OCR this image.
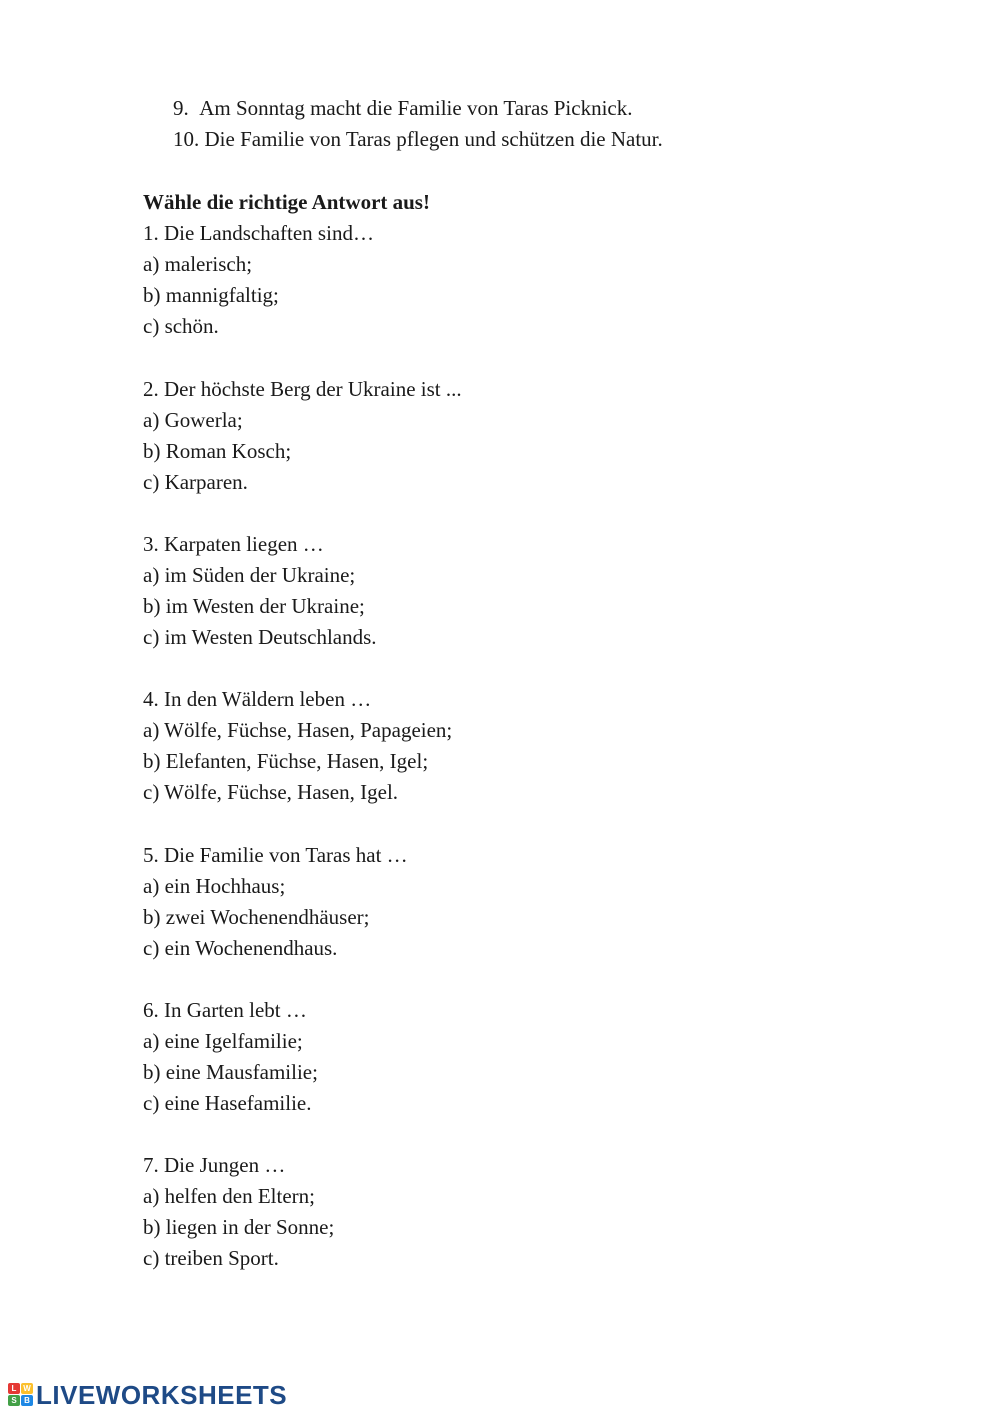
9. Am Sonntag macht die Familie von Taras Picknick.
10. Die Familie von Taras pflegen und schützen die Natur.
Wähle die richtige Antwort aus!
1. Die Landschaften sind…
a) malerisch;
b) mannigfaltig;
c) schön.
2. Der höchste Berg der Ukraine ist ...
a) Gowerla;
b) Roman Kosch;
c) Karparen.
3. Karpaten liegen …
a) im Süden der Ukraine;
b) im Westen der Ukraine;
c) im Westen Deutschlands.
4. In den Wäldern leben …
a) Wölfe, Füchse, Hasen, Papageien;
b) Elefanten, Füchse, Hasen, Igel;
c) Wölfe, Füchse, Hasen, Igel.
5. Die Familie von Taras hat …
a) ein Hochhaus;
b) zwei Wochenendhäuser;
c) ein Wochenendhaus.
6. In Garten lebt …
a) eine Igelfamilie;
b) eine Mausfamilie;
c) eine Hasefamilie.
7. Die Jungen …
a) helfen den Eltern;
b) liegen in der Sonne;
c) treiben Sport.
L W
S B LIVEWORKSHEETS
